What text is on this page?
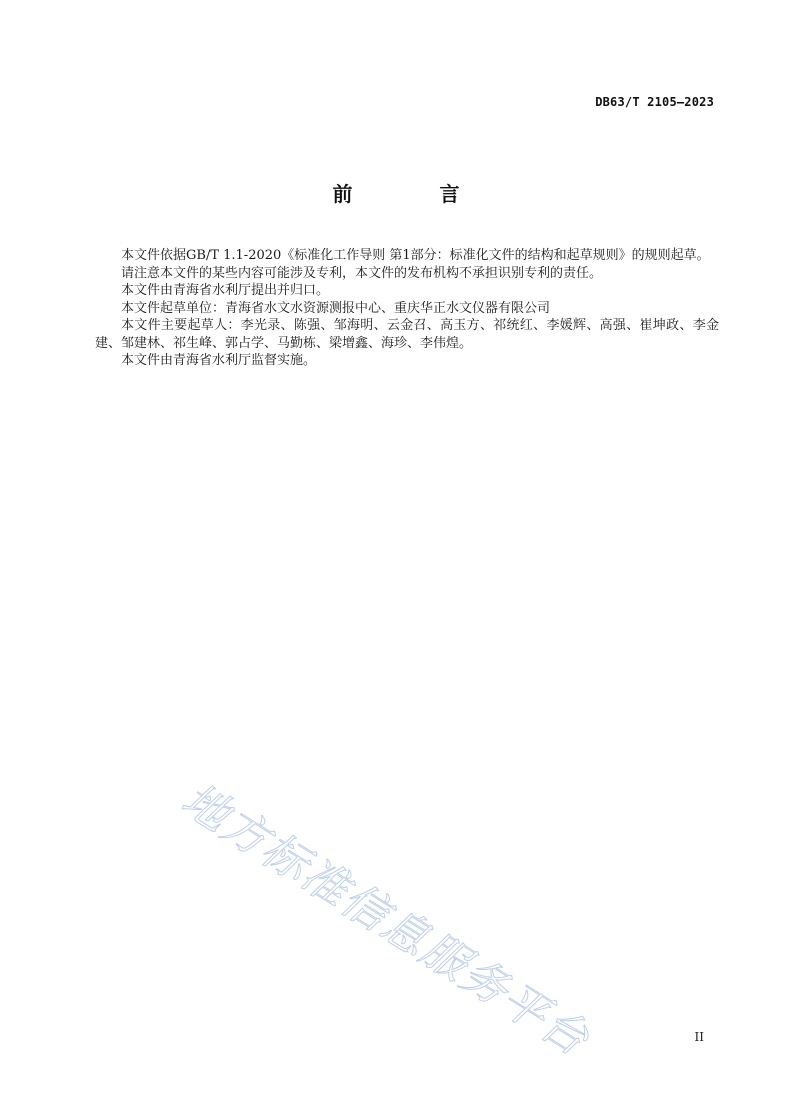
DB63/T 2105—2023
前 言

本文件依据GB/T 1.1-2020《标准化工作导则 第1部分：标准化文件的结构和起草规则》的规则起草。

请注意本文件的某些内容可能涉及专利，本文件的发布机构不承担识别专利的责任。

本文件由青海省水利厅提出并归口。

本文件起草单位：青海省水文水资源测报中心、重庆华正水文仪器有限公司

本文件主要起草人：李光录、陈强、邹海明、云金召、高玉方、祁统红、李媛辉、高强、崔坤政、李金建、邹建林、祁生峰、郭占学、马勤栋、梁增鑫、海珍、李伟煌。

本文件由青海省水利厅监督实施。

地方标准信息服务平台	II
